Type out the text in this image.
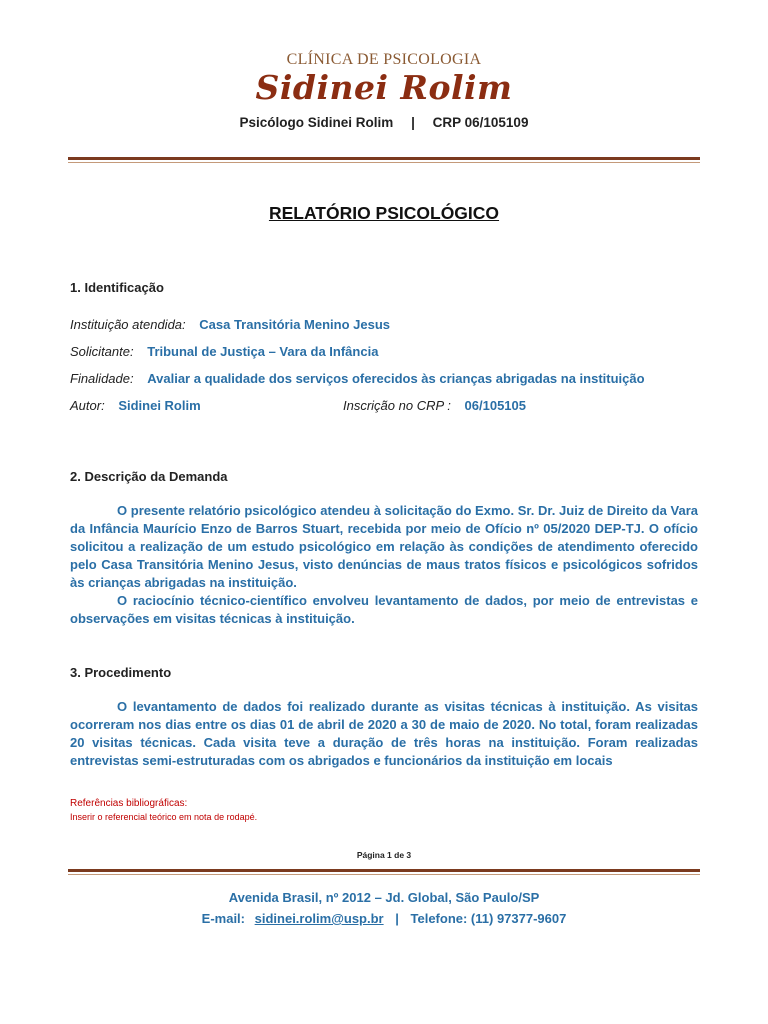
CLÍNICA DE PSICOLOGIA
Sidinei Rolim
Psicólogo Sidinei Rolim | CRP 06/105109
RELATÓRIO PSICOLÓGICO
1. Identificação
Instituição atendida: Casa Transitória Menino Jesus
Solicitante: Tribunal de Justiça – Vara da Infância
Finalidade: Avaliar a qualidade dos serviços oferecidos às crianças abrigadas na instituição
Autor: Sidinei Rolim	Inscrição no CRP : 06/105105
2. Descrição da Demanda

O presente relatório psicológico atendeu à solicitação do Exmo. Sr. Dr. Juiz de Direito da Vara da Infância Maurício Enzo de Barros Stuart, recebida por meio de Ofício nº 05/2020 DEP-TJ. O ofício solicitou a realização de um estudo psicológico em relação às condições de atendimento oferecido pelo Casa Transitória Menino Jesus, visto denúncias de maus tratos físicos e psicológicos sofridos às crianças abrigadas na instituição.

O raciocínio técnico-científico envolveu levantamento de dados, por meio de entrevistas e observações em visitas técnicas à instituição.

3. Procedimento

O levantamento de dados foi realizado durante as visitas técnicas à instituição. As visitas ocorreram nos dias entre os dias 01 de abril de 2020 a 30 de maio de 2020. No total, foram realizadas 20 visitas técnicas. Cada visita teve a duração de três horas na instituição. Foram realizadas entrevistas semi-estruturadas com os abrigados e funcionários da instituição em locais

Referências bibliográficas:
Inserir o referencial teórico em nota de rodapé.
Página 1 de 3
Avenida Brasil, nº 2012 – Jd. Global, São Paulo/SP
E-mail: sidinei.rolim@usp.br | Telefone: (11) 97377-9607
